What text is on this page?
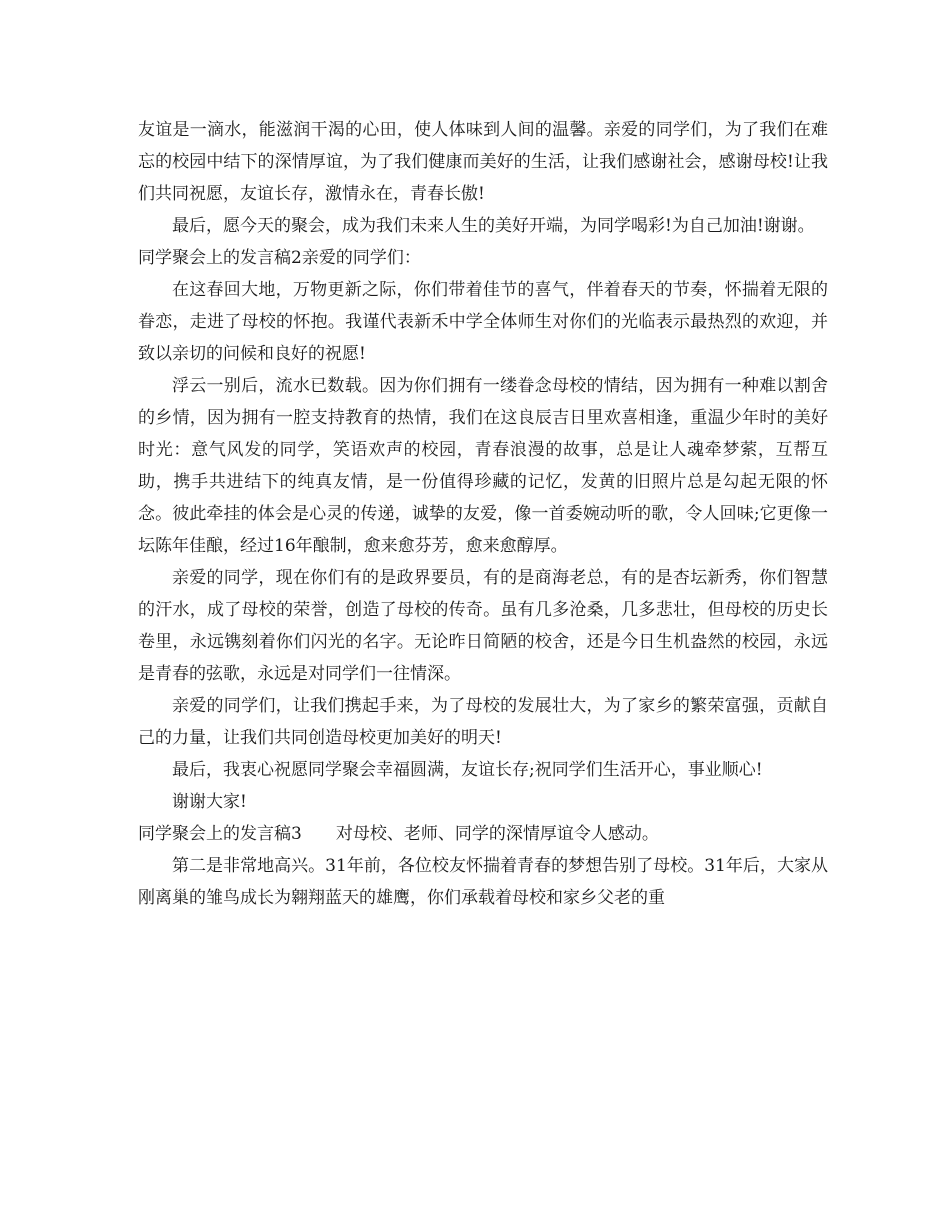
友谊是一滴水，能滋润干渴的心田，使人体味到人间的温馨。亲爱的同学们，为了我们在难忘的校园中结下的深情厚谊，为了我们健康而美好的生活，让我们感谢社会，感谢母校!让我们共同祝愿，友谊长存，激情永在，青春长傲!

最后，愿今天的聚会，成为我们未来人生的美好开端，为同学喝彩!为自己加油!谢谢。

同学聚会上的发言稿2亲爱的同学们：

在这春回大地，万物更新之际，你们带着佳节的喜气，伴着春天的节奏，怀揣着无限的眷恋，走进了母校的怀抱。我谨代表新禾中学全体师生对你们的光临表示最热烈的欢迎，并致以亲切的问候和良好的祝愿!

浮云一别后，流水已数载。因为你们拥有一缕眷念母校的情结，因为拥有一种难以割舍的乡情，因为拥有一腔支持教育的热情，我们在这良辰吉日里欢喜相逢，重温少年时的美好时光：意气风发的同学，笑语欢声的校园，青春浪漫的故事，总是让人魂牵梦萦，互帮互助，携手共进结下的纯真友情，是一份值得珍藏的记忆，发黄的旧照片总是勾起无限的怀念。彼此牵挂的体会是心灵的传递，诚挚的友爱，像一首委婉动听的歌，令人回味;它更像一坛陈年佳酿，经过16年酿制，愈来愈芬芳，愈来愈醇厚。

亲爱的同学，现在你们有的是政界要员，有的是商海老总，有的是杏坛新秀，你们智慧的汗水，成了母校的荣誉，创造了母校的传奇。虽有几多沧桑，几多悲壮，但母校的历史长卷里，永远镌刻着你们闪光的名字。无论昨日简陋的校舍，还是今日生机盎然的校园，永远是青春的弦歌，永远是对同学们一往情深。

亲爱的同学们，让我们携起手来，为了母校的发展壮大，为了家乡的繁荣富强，贡献自己的力量，让我们共同创造母校更加美好的明天!

最后，我衷心祝愿同学聚会幸福圆满，友谊长存;祝同学们生活开心，事业顺心!

谢谢大家!

同学聚会上的发言稿3 对母校、老师、同学的深情厚谊令人感动。

第二是非常地高兴。31年前，各位校友怀揣着青春的梦想告别了母校。31年后，大家从刚离巢的雏鸟成长为翱翔蓝天的雄鹰，你们承载着母校和家乡父老的重
